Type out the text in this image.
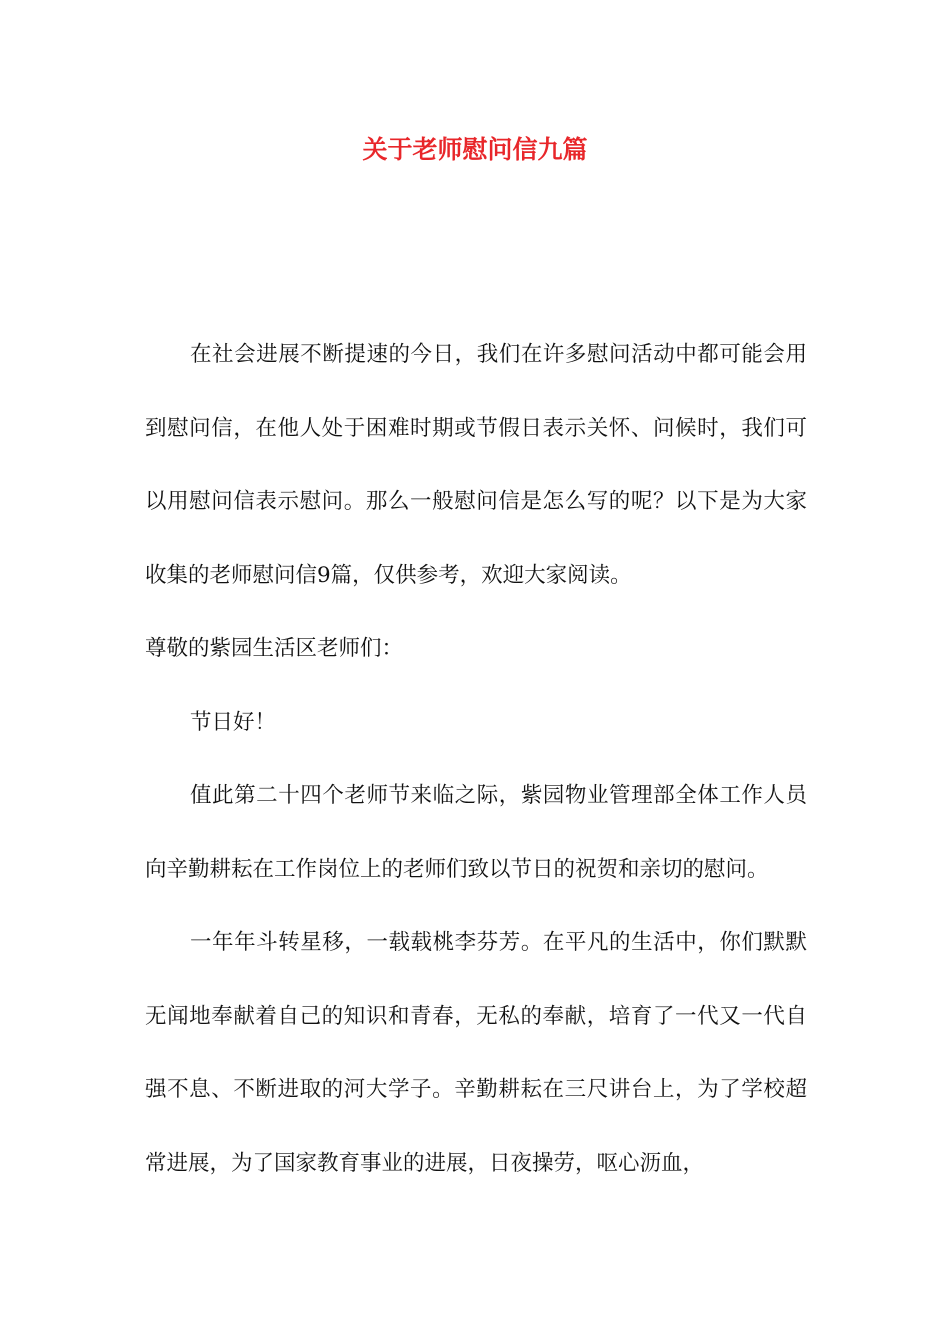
关于老师慰问信九篇

在社会进展不断提速的今日，我们在许多慰问活动中都可能会用到慰问信，在他人处于困难时期或节假日表示关怀、问候时，我们可以用慰问信表示慰问。那么一般慰问信是怎么写的呢？以下是为大家收集的老师慰问信9篇，仅供参考，欢迎大家阅读。

尊敬的紫园生活区老师们：

节日好！

值此第二十四个老师节来临之际，紫园物业管理部全体工作人员向辛勤耕耘在工作岗位上的老师们致以节日的祝贺和亲切的慰问。

一年年斗转星移，一载载桃李芬芳。在平凡的生活中，你们默默无闻地奉献着自己的知识和青春，无私的奉献，培育了一代又一代自强不息、不断进取的河大学子。辛勤耕耘在三尺讲台上，为了学校超常进展，为了国家教育事业的进展，日夜操劳，呕心沥血，
